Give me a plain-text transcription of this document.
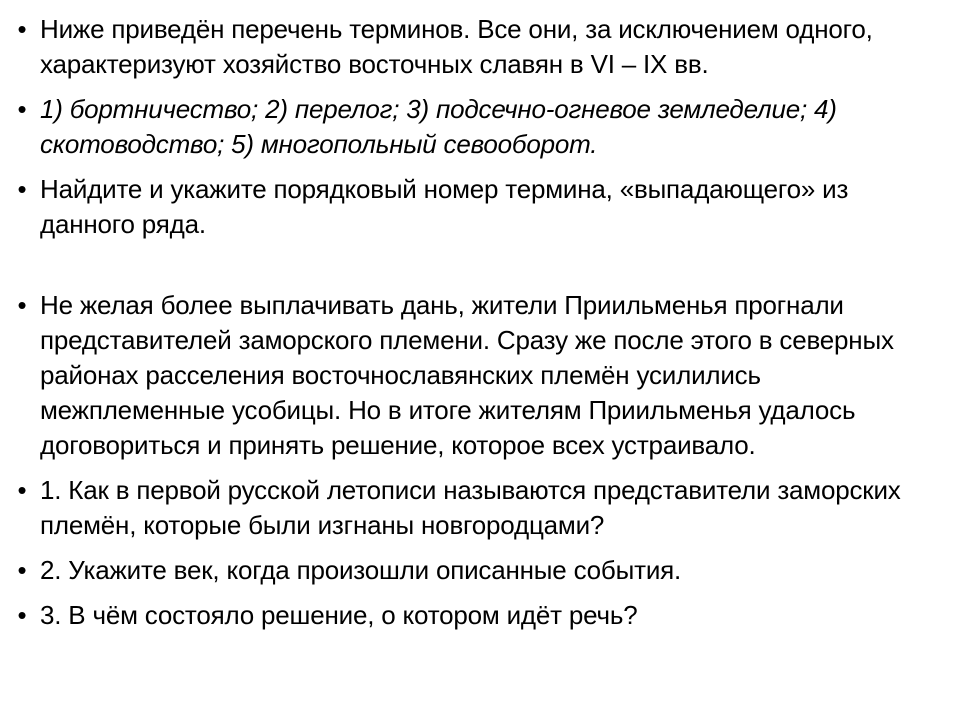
• Ниже приведён перечень терминов. Все они, за исключением одного, характеризуют хозяйство восточных славян в VI – IX вв.
• 1) бортничество; 2) перелог; 3) подсечно-огневое земледелие; 4) скотоводство; 5) многопольный севооборот.
• Найдите и укажите порядковый номер термина, «выпадающего» из данного ряда.
• Не желая более выплачивать дань, жители Приильменья прогнали представителей заморского племени. Сразу же после этого в северных районах расселения восточнославянских племён усилились межплеменные усобицы. Но в итоге жителям Приильменья удалось договориться и принять решение, которое всех устраивало.
• 1. Как в первой русской летописи называются представители заморских племён, которые были изгнаны новгородцами?
• 2. Укажите век, когда произошли описанные события.
• 3. В чём состояло решение, о котором идёт речь?
